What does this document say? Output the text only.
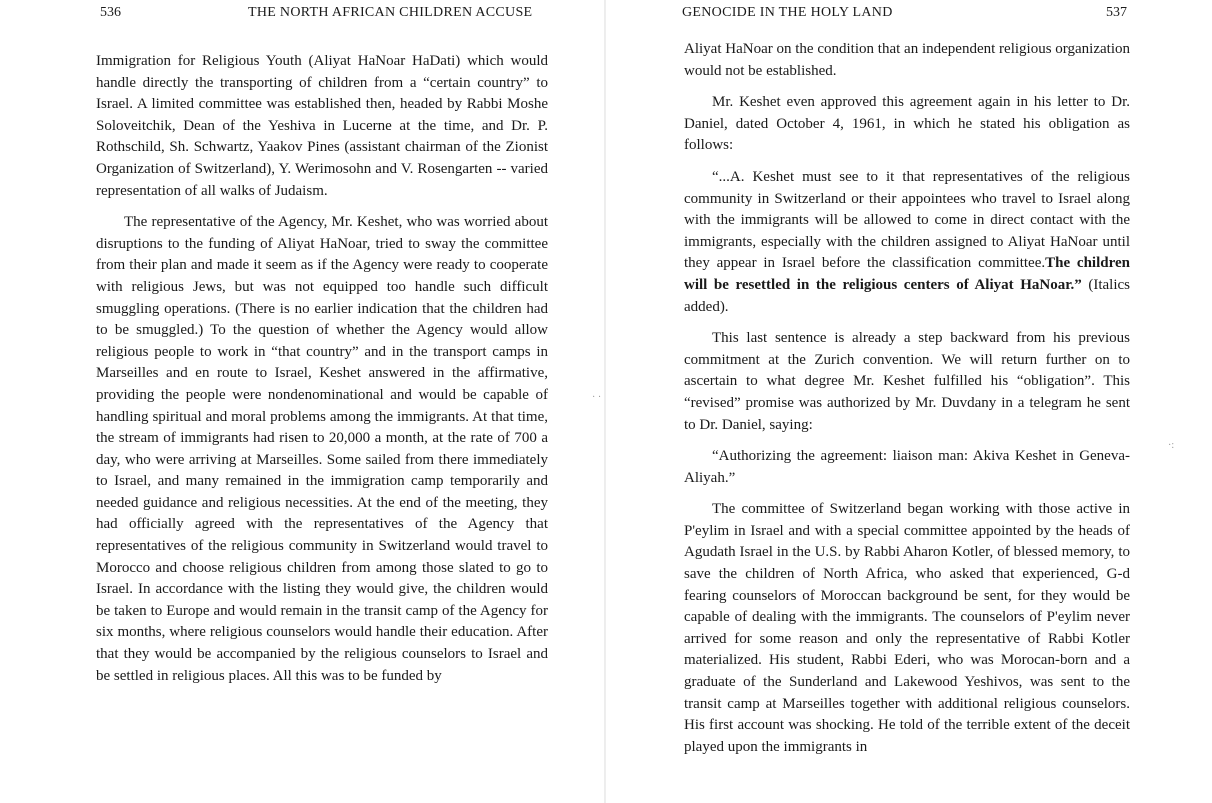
536	THE NORTH AFRICAN CHILDREN ACCUSE

Immigration for Religious Youth (Aliyat HaNoar HaDati) which would handle directly the transporting of children from a “certain country” to Israel. A limited committee was established then, headed by Rabbi Moshe Soloveitchik, Dean of the Yeshiva in Lucerne at the time, and Dr. P. Rothschild, Sh. Schwartz, Yaakov Pines (assistant chairman of the Zionist Organization of Switzerland), Y. Werimosohn and V. Rosengarten -- varied representation of all walks of Judaism.

The representative of the Agency, Mr. Keshet, who was worried about disruptions to the funding of Aliyat HaNoar, tried to sway the committee from their plan and made it seem as if the Agency were ready to cooperate with religious Jews, but was not equipped too handle such difficult smuggling operations. (There is no earlier indication that the children had to be smuggled.) To the question of whether the Agency would allow religious people to work in “that country” and in the transport camps in Marseilles and en route to Israel, Keshet answered in the affirmative, providing the people were nondenominational and would be capable of handling spiritual and moral problems among the immigrants. At that time, the stream of immigrants had risen to 20,000 a month, at the rate of 700 a day, who were arriving at Marseilles. Some sailed from there immediately to Israel, and many remained in the immigration camp temporarily and needed guidance and religious necessities. At the end of the meeting, they had officially agreed with the representatives of the Agency that representatives of the religious community in Switzerland would travel to Morocco and choose religious children from among those slated to go to Israel. In accordance with the listing they would give, the children would be taken to Europe and would remain in the transit camp of the Agency for six months, where religious counselors would handle their education. After that they would be accompanied by the religious counselors to Israel and be settled in religious places. All this was to be funded by

GENOCIDE IN THE HOLY LAND	537

Aliyat HaNoar on the condition that an independent religious organization would not be established.

Mr. Keshet even approved this agreement again in his letter to Dr. Daniel, dated October 4, 1961, in which he stated his obligation as follows:

“...A. Keshet must see to it that representatives of the religious community in Switzerland or their appointees who travel to Israel along with the immigrants will be allowed to come in direct contact with the immigrants, especially with the children assigned to Aliyat HaNoar until they appear in Israel before the classification committee.The children will be resettled in the religious centers of Aliyat HaNoar.” (Italics added).

This last sentence is already a step backward from his previous commitment at the Zurich convention. We will return further on to ascertain to what degree Mr. Keshet fulfilled his “obligation”. This “revised” promise was authorized by Mr. Duvdany in a telegram he sent to Dr. Daniel, saying:

“Authorizing the agreement: liaison man: Akiva Keshet in Geneva- Aliyah.”

The committee of Switzerland began working with those active in P'eylim in Israel and with a special committee appointed by the heads of Agudath Israel in the U.S. by Rabbi Aharon Kotler, of blessed memory, to save the children of North Africa, who asked that experienced, G-d fearing counselors of Moroccan background be sent, for they would be capable of dealing with the immigrants. The counselors of P'eylim never arrived for some reason and only the representative of Rabbi Kotler materialized. His student, Rabbi Ederi, who was Morocan-born and a graduate of the Sunderland and Lakewood Yeshivos, was sent to the transit camp at Marseilles together with additional religious counselors. His first account was shocking. He told of the terrible extent of the deceit played upon the immigrants in

· ·
·:
